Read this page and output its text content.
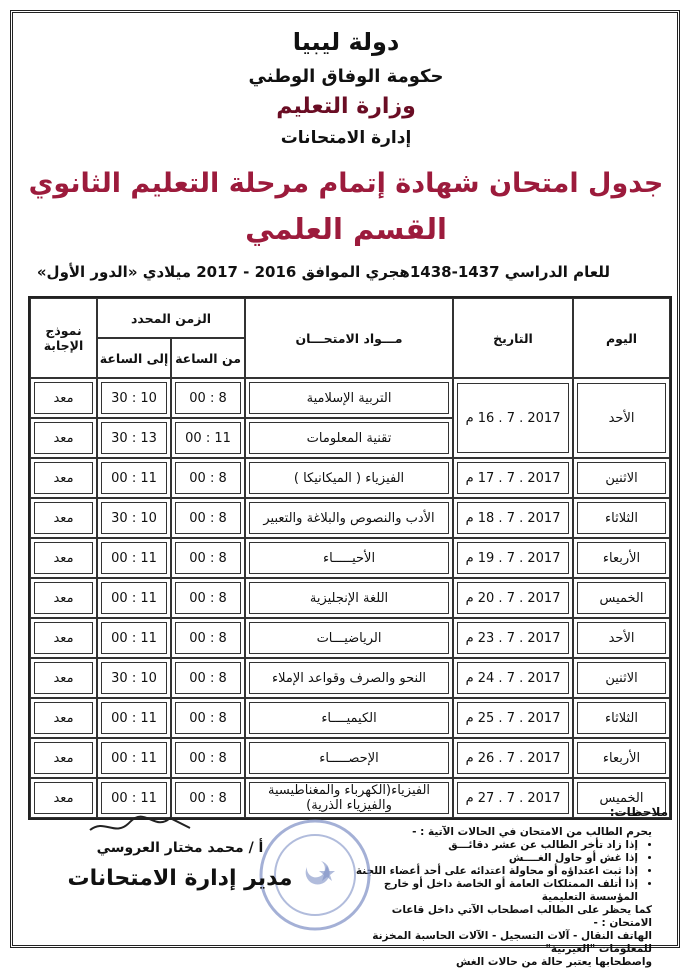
دولة ليبيا
حكومة الوفاق الوطني
وزارة التعليم
إدارة الامتحانات
جدول امتحان شهادة إتمام مرحلة التعليم الثانوي
القسم العلمي
للعام الدراسي 1437-1438هجري الموافق 2016 - 2017 ميلادي «الدور الأول»
اليوم	التاريخ	مـــواد الامتحـــان	الزمن المحدد		نموذج الإجابة
			من الساعة	إلى الساعة	

الأحد	2017 . 7 . 16 م	التربية الإسلامية	8 : 00	10 : 30	معد

تقنية المعلومات	11 : 00	13 : 30	معد

الاثنين	2017 . 7 . 17 م	الفيزياء ( الميكانيكا )	8 : 00	11 : 00	معد

الثلاثاء	2017 . 7 . 18 م	الأدب والنصوص والبلاغة والتعبير	8 : 00	10 : 30	معد

الأربعاء	2017 . 7 . 19 م	الأحيـــــاء	8 : 00	11 : 00	معد

الخميس	2017 . 7 . 20 م	اللغة الإنجليزية	8 : 00	11 : 00	معد

الأحد	2017 . 7 . 23 م	الرياضيـــات	8 : 00	11 : 00	معد

الاثنين	2017 . 7 . 24 م	النحو والصرف وقواعد الإملاء	8 : 00	10 : 30	معد

الثلاثاء	2017 . 7 . 25 م	الكيميــــاء	8 : 00	11 : 00	معد

الأربعاء	2017 . 7 . 26 م	الإحصـــــاء	8 : 00	11 : 00	معد

الخميس	2017 . 7 . 27 م	الفيزياء(الكهرباء والمغناطيسية والفيزياء الذرية)	8 : 00	11 : 00	معد
ملاحظات:
يحرم الطالب من الامتحان في الحالات الآتية : -
• إذا زاد تأخر الطالب عن عشر دقائـــق
• إذا غش أو حاول الغــــش
• إذا ثبت اعتداؤه أو محاولة اعتدائه على أحد أعضاء اللجنة
• إذا أتلف الممتلكات العامة أو الخاصة داخل أو خارج المؤسسة التعليمية
كما يحظر على الطالب اصطحاب الآتي داخل قاعات الامتحان : -
الهاتف النقال - آلات التسجيل - الآلات الحاسبة المخزنة للمعلومات "العيرنية"
واصطحابها يعتبر حالة من حالات الغش
أ / محمد مختار العروسي
مدير إدارة الامتحانات
